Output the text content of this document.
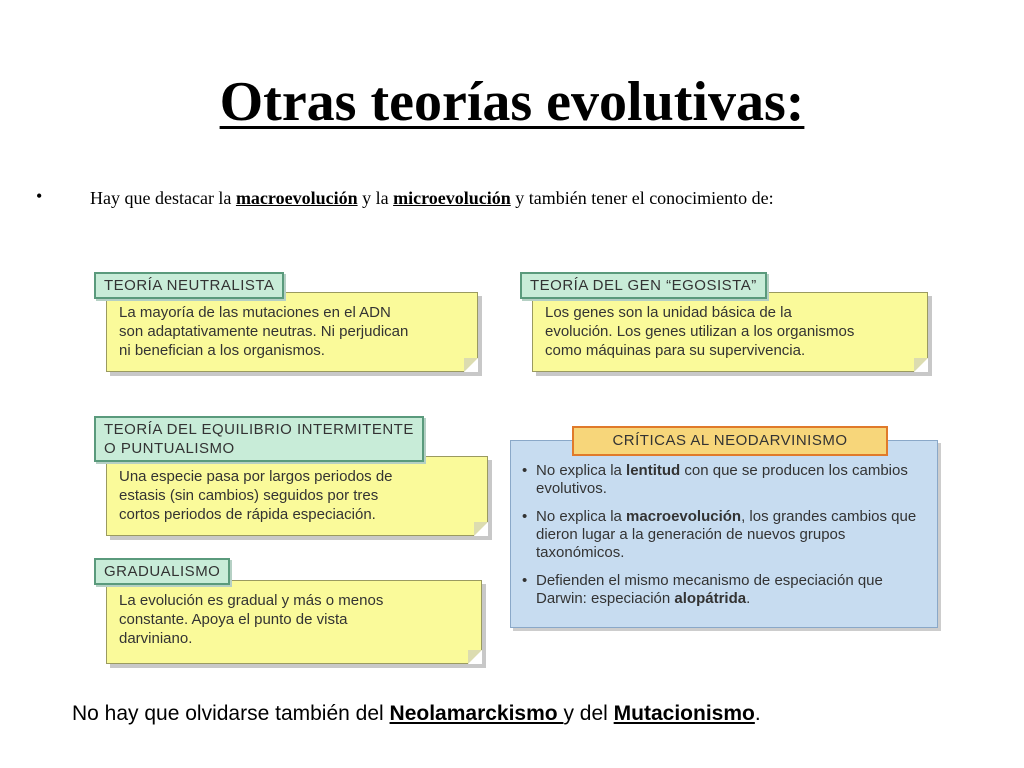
Otras teorías evolutivas:
•	Hay que destacar la macroevolución y la microevolución y también tener el conocimiento de:
TEORÍA NEUTRALISTA
La mayoría de las mutaciones en el ADN
son adaptativamente neutras. Ni perjudican
ni benefician a los organismos.
TEORÍA DEL GEN “EGOSISTA”
Los genes son la unidad básica de la
evolución. Los genes utilizan a los organismos
como máquinas para su supervivencia.
TEORÍA DEL EQUILIBRIO INTERMITENTE
O PUNTUALISMO
Una especie pasa por largos periodos de
estasis (sin cambios) seguidos por tres
cortos periodos de rápida especiación.
GRADUALISMO
La evolución es gradual y más o menos
constante. Apoya el punto de vista
darviniano.
CRÍTICAS AL NEODARVINISMO
• No explica la lentitud con que se producen los cambios evolutivos.
• No explica la macroevolución, los grandes cambios que dieron lugar a la generación de nuevos grupos taxonómicos.
• Defienden el mismo mecanismo de especiación que Darwin: especiación alopátrida.
No hay que olvidarse también del Neolamarckismo y del Mutacionismo.
